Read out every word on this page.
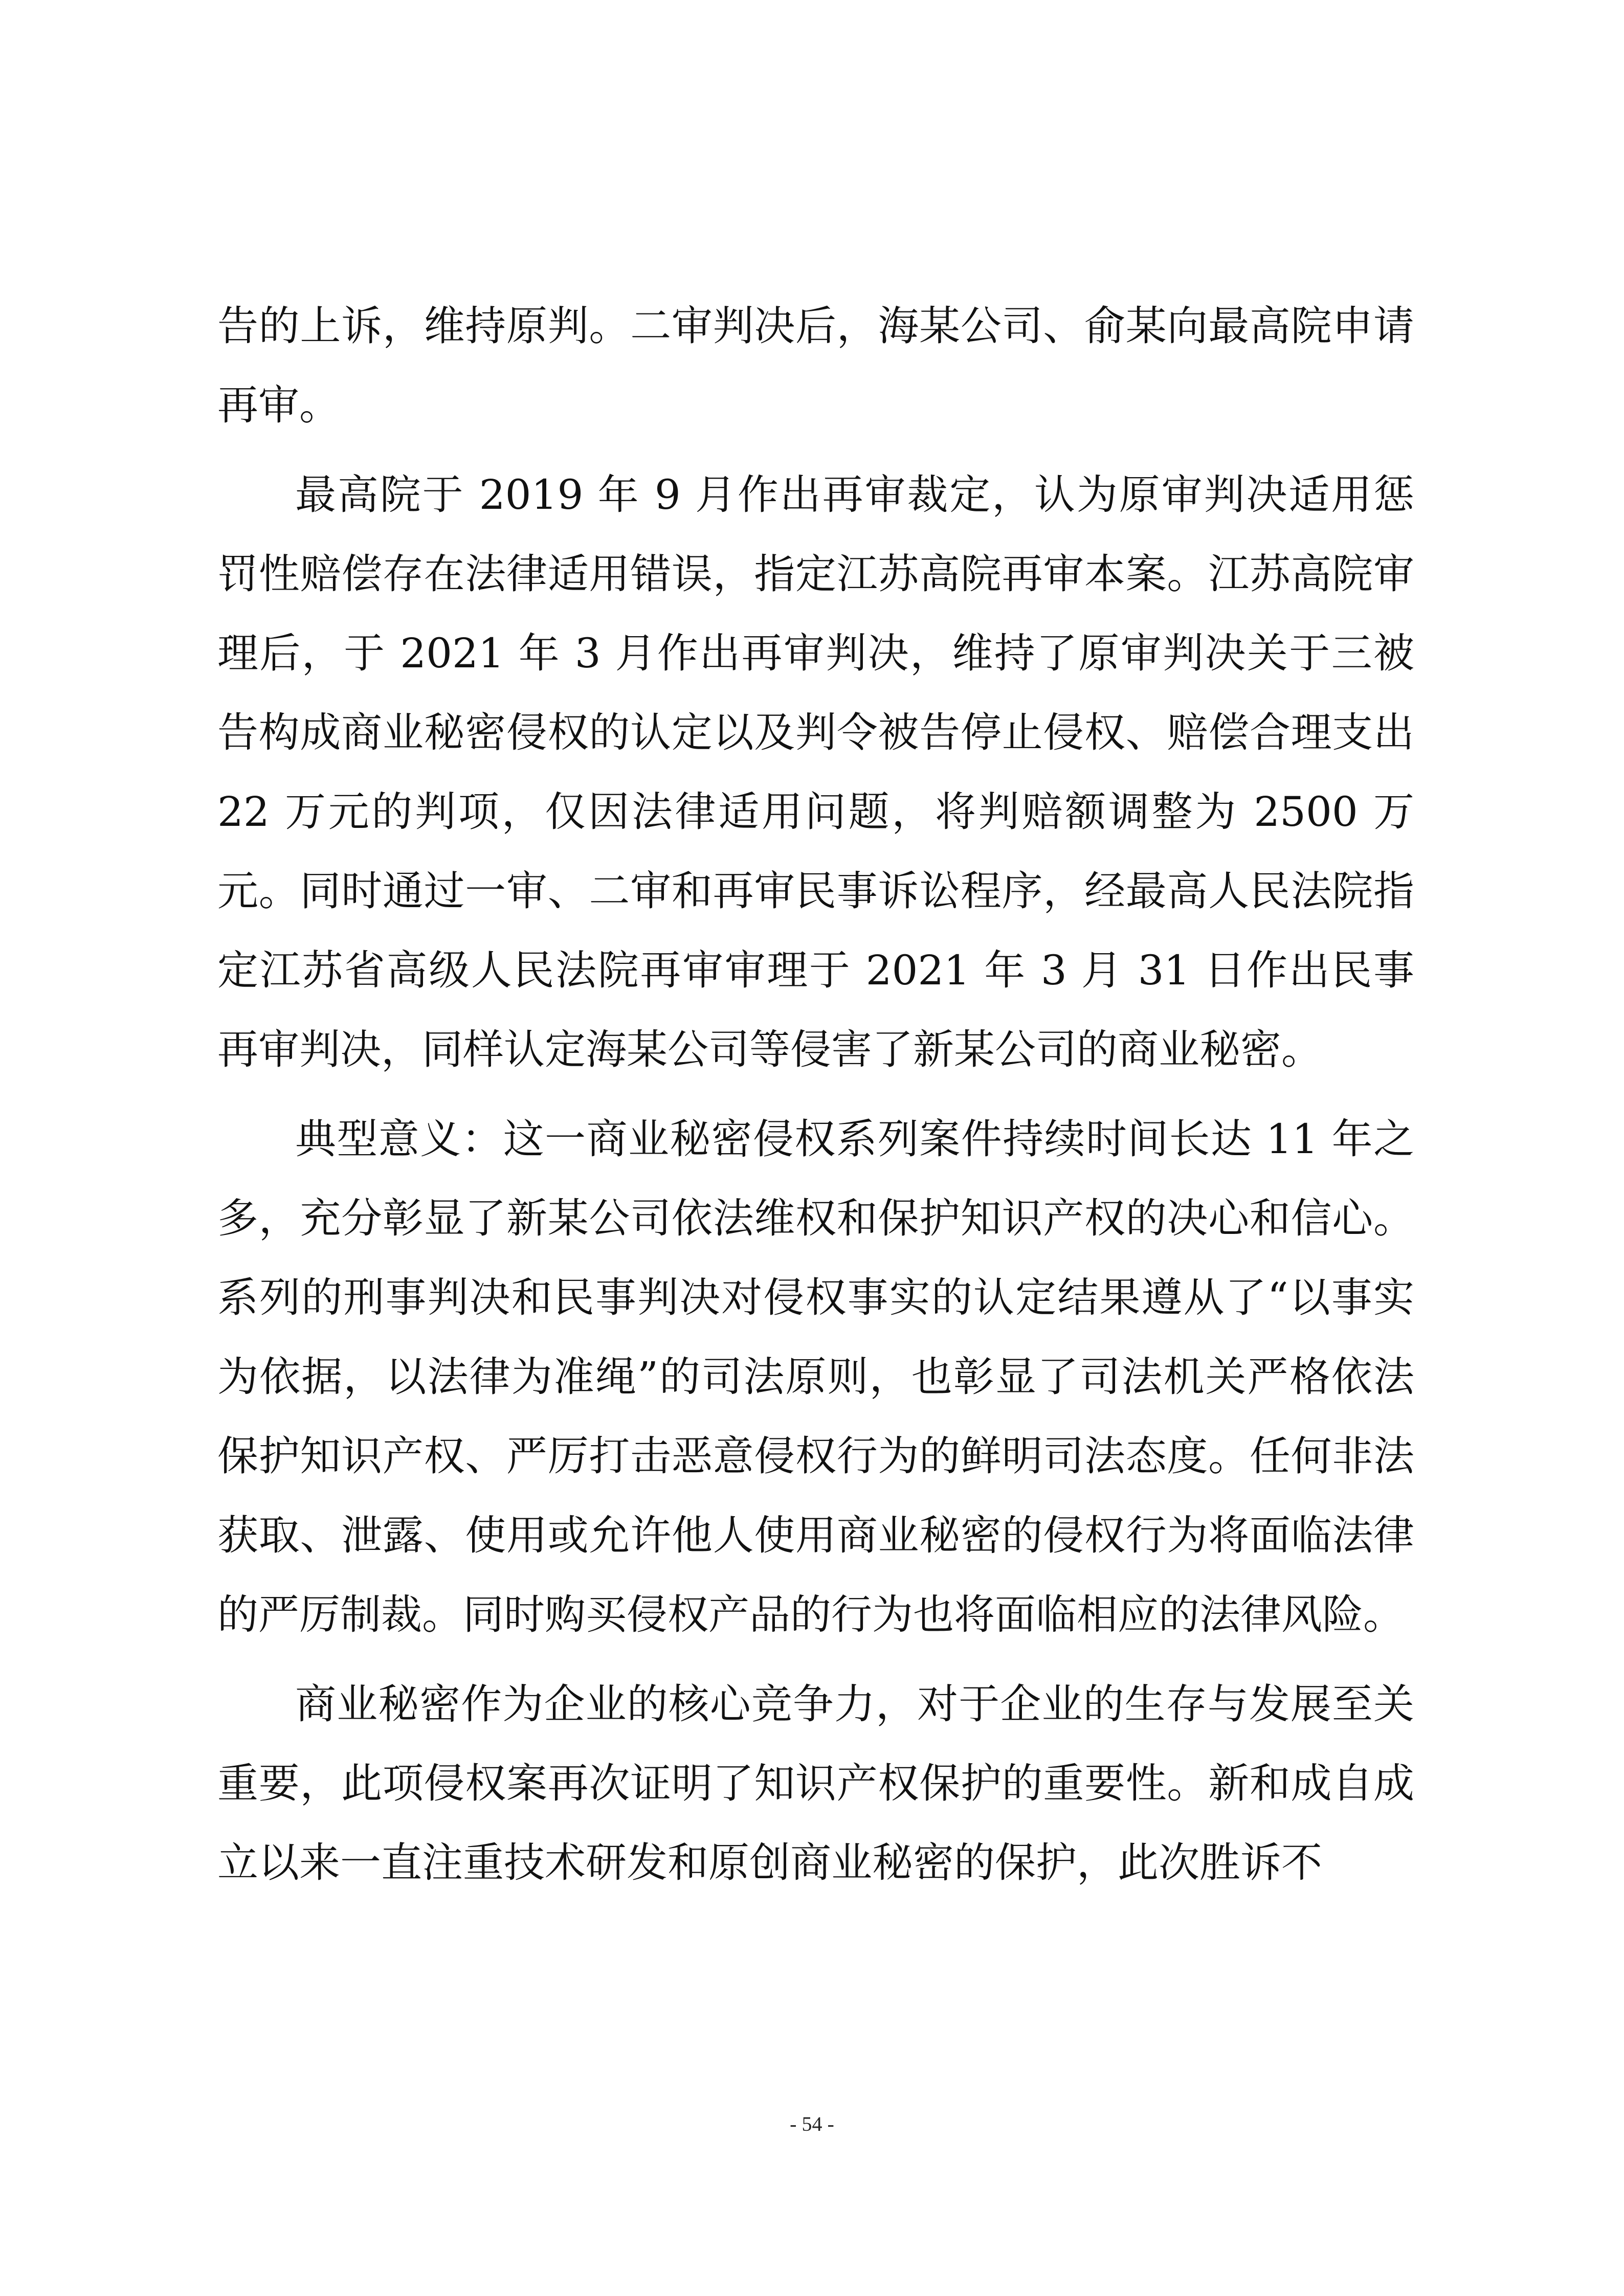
告的上诉，维持原判。二审判决后，海某公司、俞某向最高院申请再审。

最高院于 2019 年 9 月作出再审裁定，认为原审判决适用惩罚性赔偿存在法律适用错误，指定江苏高院再审本案。江苏高院审理后，于 2021 年 3 月作出再审判决，维持了原审判决关于三被告构成商业秘密侵权的认定以及判令被告停止侵权、赔偿合理支出 22 万元的判项，仅因法律适用问题，将判赔额调整为 2500 万元。同时通过一审、二审和再审民事诉讼程序，经最高人民法院指定江苏省高级人民法院再审审理于 2021 年 3 月 31 日作出民事再审判决，同样认定海某公司等侵害了新某公司的商业秘密。

典型意义：这一商业秘密侵权系列案件持续时间长达 11 年之多，充分彰显了新某公司依法维权和保护知识产权的决心和信心。系列的刑事判决和民事判决对侵权事实的认定结果遵从了“以事实为依据，以法律为准绳”的司法原则，也彰显了司法机关严格依法保护知识产权、严厉打击恶意侵权行为的鲜明司法态度。任何非法获取、泄露、使用或允许他人使用商业秘密的侵权行为将面临法律的严厉制裁。同时购买侵权产品的行为也将面临相应的法律风险。

商业秘密作为企业的核心竞争力，对于企业的生存与发展至关重要，此项侵权案再次证明了知识产权保护的重要性。新和成自成立以来一直注重技术研发和原创商业秘密的保护，此次胜诉不

- 54 -
